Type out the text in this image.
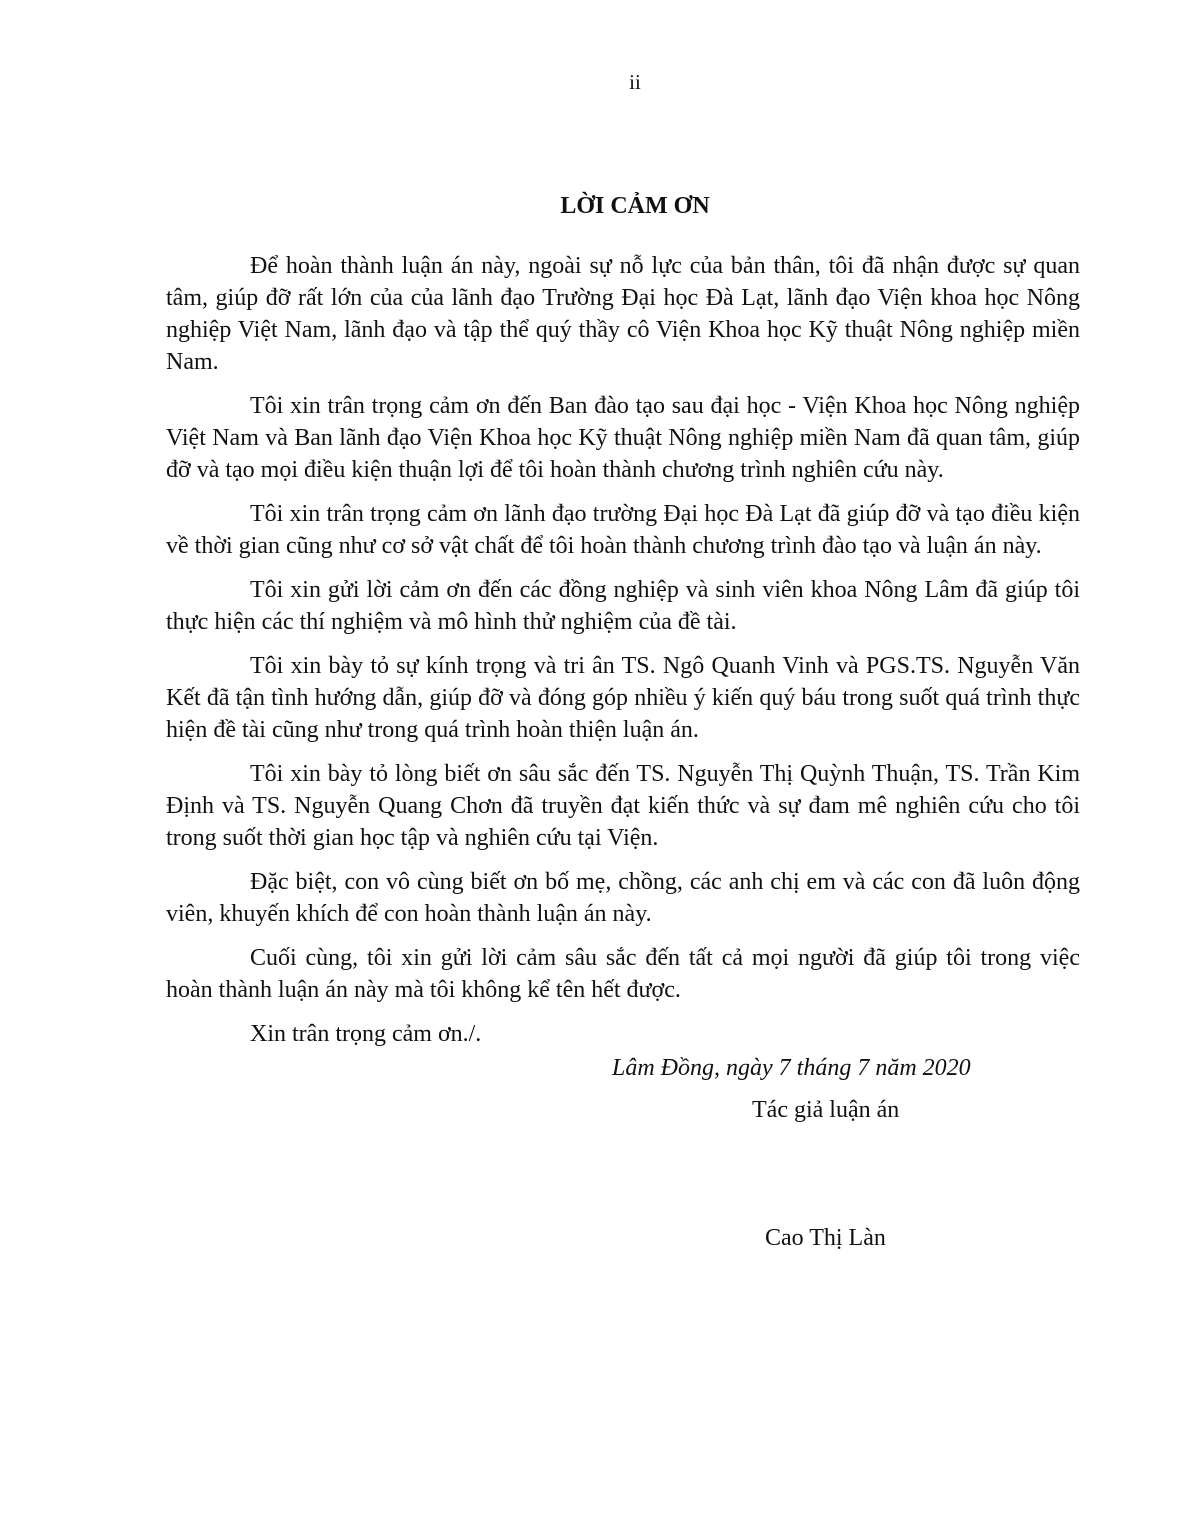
ii
LỜI CẢM ƠN

Để hoàn thành luận án này, ngoài sự nỗ lực của bản thân, tôi đã nhận được sự quan tâm, giúp đỡ rất lớn của của lãnh đạo Trường Đại học Đà Lạt, lãnh đạo Viện khoa học Nông nghiệp Việt Nam, lãnh đạo và tập thể quý thầy cô Viện Khoa học Kỹ thuật Nông nghiệp miền Nam.

Tôi xin trân trọng cảm ơn đến Ban đào tạo sau đại học - Viện Khoa học Nông nghiệp Việt Nam và Ban lãnh đạo Viện Khoa học Kỹ thuật Nông nghiệp miền Nam đã quan tâm, giúp đỡ và tạo mọi điều kiện thuận lợi để tôi hoàn thành chương trình nghiên cứu này.

Tôi xin trân trọng cảm ơn lãnh đạo trường Đại học Đà Lạt đã giúp đỡ và tạo điều kiện về thời gian cũng như cơ sở vật chất để tôi hoàn thành chương trình đào tạo và luận án này.

Tôi xin gửi lời cảm ơn đến các đồng nghiệp và sinh viên khoa Nông Lâm đã giúp tôi thực hiện các thí nghiệm và mô hình thử nghiệm của đề tài.

Tôi xin bày tỏ sự kính trọng và tri ân TS. Ngô Quanh Vinh và PGS.TS. Nguyễn Văn Kết đã tận tình hướng dẫn, giúp đỡ và đóng góp nhiều ý kiến quý báu trong suốt quá trình thực hiện đề tài cũng như trong quá trình hoàn thiện luận án.

Tôi xin bày tỏ lòng biết ơn sâu sắc đến TS. Nguyễn Thị Quỳnh Thuận, TS. Trần Kim Định và TS. Nguyễn Quang Chơn đã truyền đạt kiến thức và sự đam mê nghiên cứu cho tôi trong suốt thời gian học tập và nghiên cứu tại Viện.

Đặc biệt, con vô cùng biết ơn bố mẹ, chồng, các anh chị em và các con đã luôn động viên, khuyến khích để con hoàn thành luận án này.

Cuối cùng, tôi xin gửi lời cảm sâu sắc đến tất cả mọi người đã giúp tôi trong việc hoàn thành luận án này mà tôi không kể tên hết được.

Xin trân trọng cảm ơn./.

Lâm Đồng, ngày 7 tháng 7 năm 2020
Tác giả luận án
Cao Thị Làn
